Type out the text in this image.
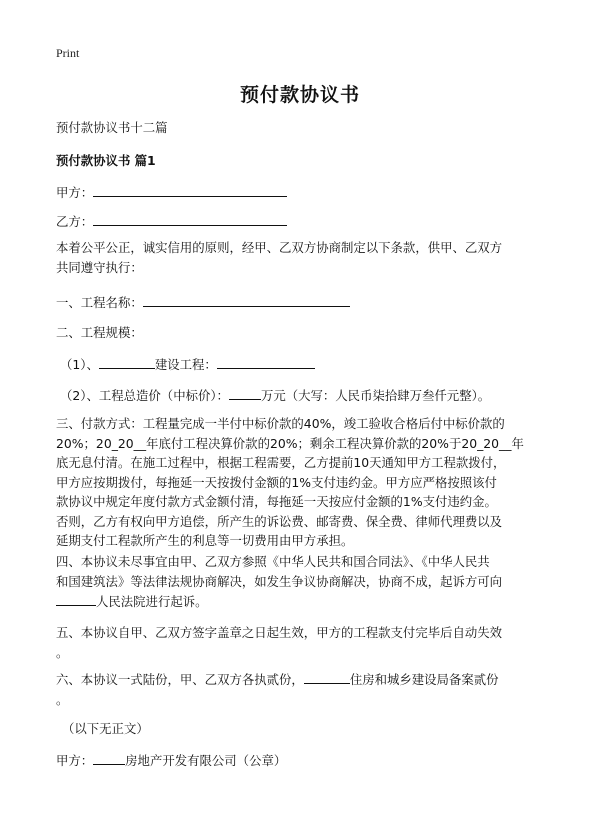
Print
预付款协议书
预付款协议书十二篇
预付款协议书 篇1
甲方：
乙方：
本着公平公正，诚实信用的原则，经甲、乙双方协商制定以下条款，供甲、乙双方
共同遵守执行：
一、工程名称：
二、工程规模：
（1）、	建设工程：
（2）、工程总造价（中标价）：	万元（大写：人民币柒拾肆万叁仟元整）。
三、付款方式：工程量完成一半付中标价款的40%，竣工验收合格后付中标价款的
20%；20_20__年底付工程决算价款的20%；剩余工程决算价款的20%于20_20__年
底无息付清。在施工过程中，根据工程需要，乙方提前10天通知甲方工程款拨付，
甲方应按期拨付，每拖延一天按拨付金额的1%支付违约金。甲方应严格按照该付
款协议中规定年度付款方式金额付清，每拖延一天按应付金额的1%支付违约金。
否则，乙方有权向甲方追偿，所产生的诉讼费、邮寄费、保全费、律师代理费以及
延期支付工程款所产生的利息等一切费用由甲方承担。
四、本协议未尽事宜由甲、乙双方参照《中华人民共和国合同法》、《中华人民共
和国建筑法》等法律法规协商解决，如发生争议协商解决，协商不成，起诉方可向
人民法院进行起诉。
五、本协议自甲、乙双方签字盖章之日起生效，甲方的工程款支付完毕后自动失效
。
六、本协议一式陆份，甲、乙双方各执贰份，	住房和城乡建设局备案贰份
。
（以下无正文）
甲方：	房地产开发有限公司（公章）
